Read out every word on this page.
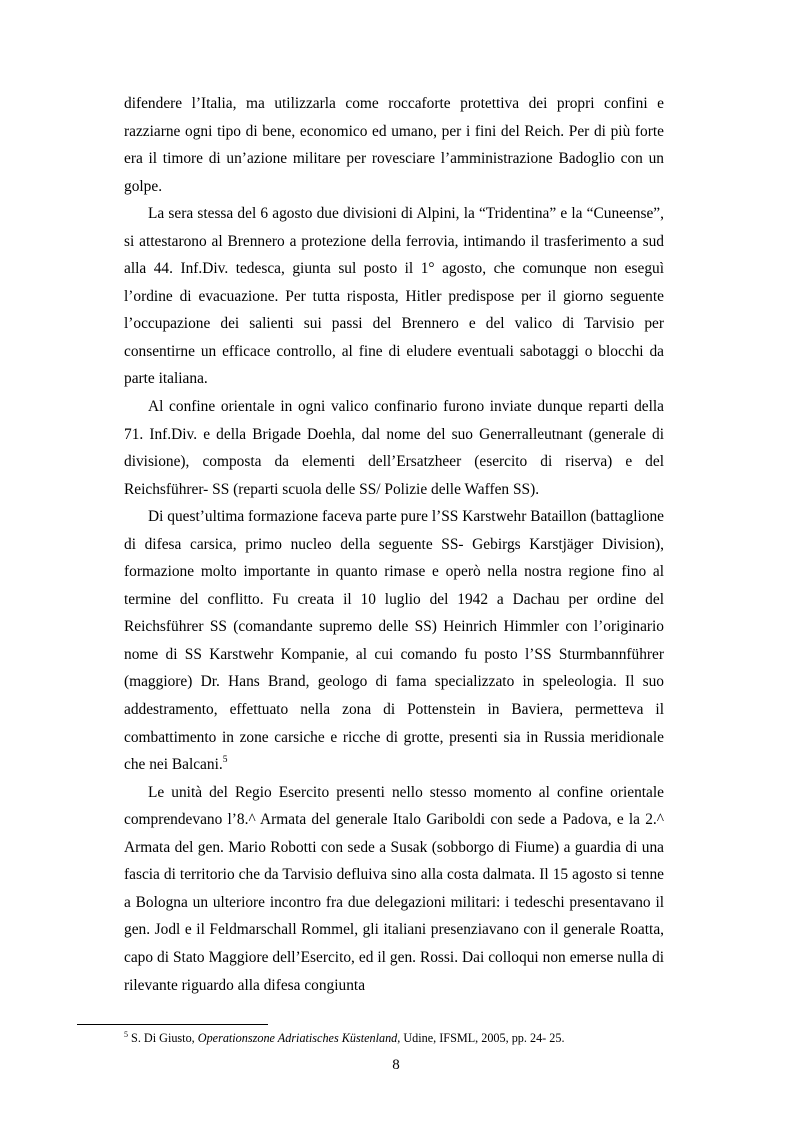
difendere l’Italia, ma utilizzarla come roccaforte protettiva dei propri confini e razziarne ogni tipo di bene, economico ed umano, per i fini del Reich. Per di più forte era il timore di un’azione militare per rovesciare l’amministrazione Badoglio con un golpe.

La sera stessa del 6 agosto due divisioni di Alpini, la “Tridentina” e la “Cuneense”, si attestarono al Brennero a protezione della ferrovia, intimando il trasferimento a sud alla 44. Inf.Div. tedesca, giunta sul posto il 1° agosto, che comunque non eseguì l’ordine di evacuazione. Per tutta risposta, Hitler predispose per il giorno seguente l’occupazione dei salienti sui passi del Brennero e del valico di Tarvisio per consentirne un efficace controllo, al fine di eludere eventuali sabotaggi o blocchi da parte italiana.

Al confine orientale in ogni valico confinario furono inviate dunque reparti della 71. Inf.Div. e della Brigade Doehla, dal nome del suo Generralleutnant (generale di divisione), composta da elementi dell’Ersatzheer (esercito di riserva) e del Reichsführer- SS (reparti scuola delle SS/ Polizie delle Waffen SS).

Di quest’ultima formazione faceva parte pure l’SS Karstwehr Bataillon (battaglione di difesa carsica, primo nucleo della seguente SS- Gebirgs Karstjäger Division), formazione molto importante in quanto rimase e operò nella nostra regione fino al termine del conflitto. Fu creata il 10 luglio del 1942 a Dachau per ordine del Reichsführer SS (comandante supremo delle SS) Heinrich Himmler con l’originario nome di SS Karstwehr Kompanie, al cui comando fu posto l’SS Sturmbannführer (maggiore) Dr. Hans Brand, geologo di fama specializzato in speleologia. Il suo addestramento, effettuato nella zona di Pottenstein in Baviera, permetteva il combattimento in zone carsiche e ricche di grotte, presenti sia in Russia meridionale che nei Balcani.$^5$

Le unità del Regio Esercito presenti nello stesso momento al confine orientale comprendevano l’8.^ Armata del generale Italo Gariboldi con sede a Padova, e la 2.^ Armata del gen. Mario Robotti con sede a Susak (sobborgo di Fiume) a guardia di una fascia di territorio che da Tarvisio defluiva sino alla costa dalmata. Il 15 agosto si tenne a Bologna un ulteriore incontro fra due delegazioni militari: i tedeschi presentavano il gen. Jodl e il Feldmarschall Rommel, gli italiani presenziavano con il generale Roatta, capo di Stato Maggiore dell’Esercito, ed il gen. Rossi. Dai colloqui non emerse nulla di rilevante riguardo alla difesa congiunta

$^5$ S. Di Giusto, Operationszone Adriatisches Küstenland, Udine, IFSML, 2005, pp. 24- 25.
8
